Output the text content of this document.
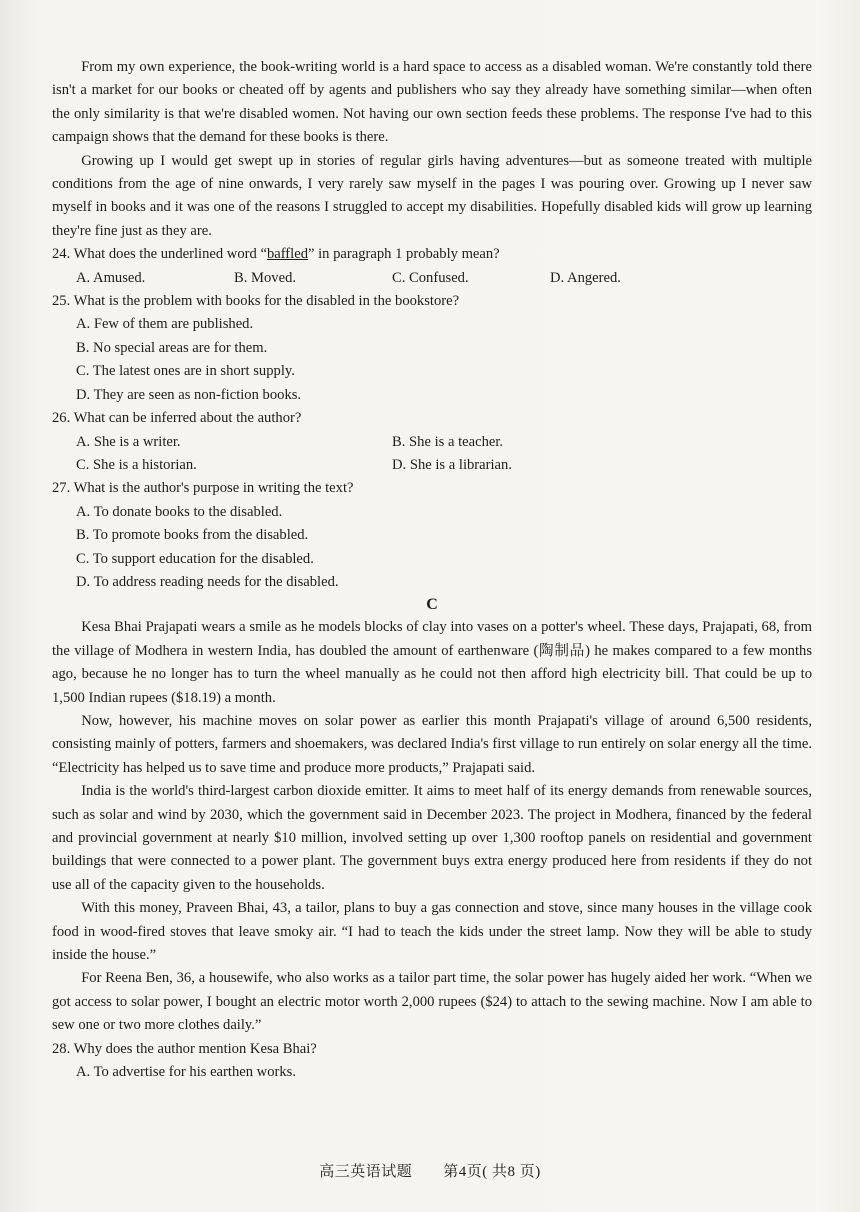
From my own experience, the book-writing world is a hard space to access as a disabled woman. We're constantly told there isn't a market for our books or cheated off by agents and publishers who say they already have something similar—when often the only similarity is that we're disabled women. Not having our own section feeds these problems. The response I've had to this campaign shows that the demand for these books is there.

Growing up I would get swept up in stories of regular girls having adventures—but as someone treated with multiple conditions from the age of nine onwards, I very rarely saw myself in the pages I was pouring over. Growing up I never saw myself in books and it was one of the reasons I struggled to accept my disabilities. Hopefully disabled kids will grow up learning they're fine just as they are.

24. What does the underlined word “baffled” in paragraph 1 probably mean?

A. Amused.	B. Moved.	C. Confused.	D. Angered.

25. What is the problem with books for the disabled in the bookstore?

A. Few of them are published.

B. No special areas are for them.

C. The latest ones are in short supply.

D. They are seen as non-fiction books.

26. What can be inferred about the author?

A. She is a writer.	B. She is a teacher.
C. She is a historian.	D. She is a librarian.

27. What is the author's purpose in writing the text?

A. To donate books to the disabled.

B. To promote books from the disabled.

C. To support education for the disabled.

D. To address reading needs for the disabled.

C

Kesa Bhai Prajapati wears a smile as he models blocks of clay into vases on a potter's wheel. These days, Prajapati, 68, from the village of Modhera in western India, has doubled the amount of earthenware (陶制品) he makes compared to a few months ago, because he no longer has to turn the wheel manually as he could not then afford high electricity bill. That could be up to 1,500 Indian rupees ($18.19) a month.

Now, however, his machine moves on solar power as earlier this month Prajapati's village of around 6,500 residents, consisting mainly of potters, farmers and shoemakers, was declared India's first village to run entirely on solar energy all the time. “Electricity has helped us to save time and produce more products,” Prajapati said.

India is the world's third-largest carbon dioxide emitter. It aims to meet half of its energy demands from renewable sources, such as solar and wind by 2030, which the government said in December 2023. The project in Modhera, financed by the federal and provincial government at nearly $10 million, involved setting up over 1,300 rooftop panels on residential and government buildings that were connected to a power plant. The government buys extra energy produced here from residents if they do not use all of the capacity given to the households.

With this money, Praveen Bhai, 43, a tailor, plans to buy a gas connection and stove, since many houses in the village cook food in wood-fired stoves that leave smoky air. “I had to teach the kids under the street lamp. Now they will be able to study inside the house.”

For Reena Ben, 36, a housewife, who also works as a tailor part time, the solar power has hugely aided her work. “When we got access to solar power, I bought an electric motor worth 2,000 rupees ($24) to attach to the sewing machine. Now I am able to sew one or two more clothes daily.”

28. Why does the author mention Kesa Bhai?

A. To advertise for his earthen works.

高三英语试题　　第4页( 共8 页)
